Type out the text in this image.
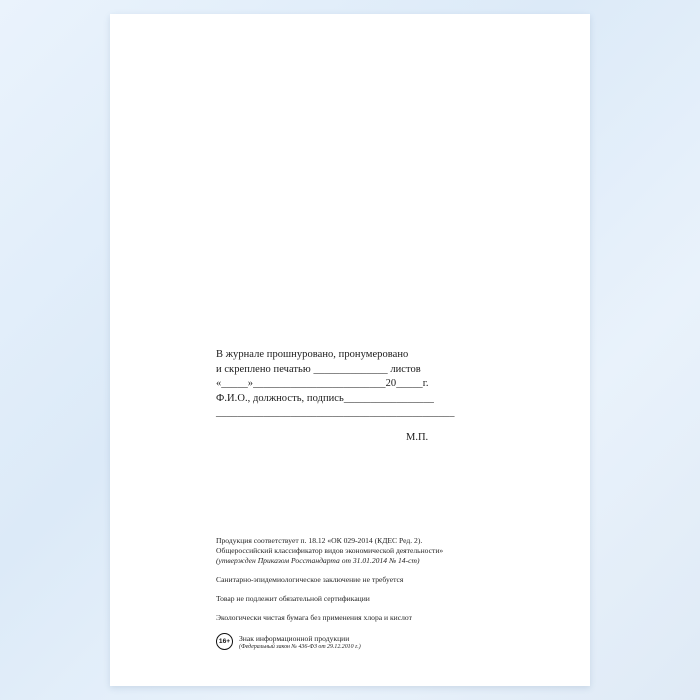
В журнале прошнуровано, пронумеровано
и скреплено печатью ______________ листов
«_____»_________________________20_____г.
Ф.И.О., должность, подпись_________________
_____________________________________________
М.П.
Продукция соответствует п. 18.12 «ОК 029-2014 (КДЕС Ред. 2).
Общероссийский классификатор видов экономической деятельности»
(утвержден Приказом Росстандарта от 31.01.2014 № 14-ст)
Санитарно-эпидемиологическое заключение не требуется
Товар не подлежит обязательной сертификации
Экологически чистая бумага без применения хлора и кислот
16+	Знак информационной продукции
(Федеральный закон № 436-ФЗ от 29.12.2010 г.)
